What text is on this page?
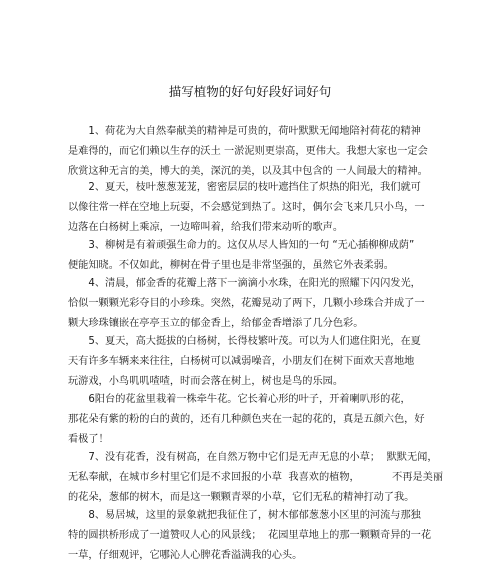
描写植物的好句好段好词好句
　　1、荷花为大自然奉献美的精神是可贵的，荷叶默默无闻地陪衬荷花的精神
是难得的，而它们赖以生存的沃土 一淤泥则更崇高，更伟大。我想大家也一定会
欣赏这种无言的美，博大的美，深沉的美，以及其中包含的 一人间最大的精神。
　　2、夏天，枝叶葱葱茏茏，密密层层的枝叶遮挡住了炽热的阳光，我们就可
以像往常一样在空地上玩耍，不会感觉到热了。这时，偶尔会飞来几只小鸟，一
边落在白杨树上乘凉，一边啼叫着，给我们带来动听的歌声。
　　3、柳树是有着顽强生命力的。这仅从尽人皆知的一句 “无心插柳柳成荫”
便能知晓。不仅如此，柳树在骨子里也是非常坚强的，虽然它外表柔弱。
　　4、清晨，郁金香的花瓣上落下一滴滴小水珠，在阳光的照耀下闪闪发光，
恰似一颗颗光彩夺目的小珍珠。突然，花瓣晃动了两下，几颗小珍珠合并成了一
颗大珍珠镶嵌在亭亭玉立的郁金香上，给郁金香增添了几分色彩。
　　5、夏天，高大挺拔的白杨树，长得枝繁叶茂。可以为人们遮住阳光，在夏
天有许多车辆来来往往，白杨树可以减弱噪音，小朋友们在树下面欢天喜地地
玩游戏，小鸟叽叽喳喳，时而会落在树上，树也是鸟的乐园。
　　6阳台的花盆里栽着一株牵牛花。它长着心形的叶子，开着喇叭形的花，
那花朵有紫的粉的白的黄的，还有几种颜色夹在一起的花的，真是五颜六色，好
看极了！
　　7、没有花香，没有树高，在自然万物中它们是无声无息的小草；  默默无闻，
无私奉献，在城市乡村里它们是不求回报的小草  我喜欢的植物，          不再是美丽
的花朵，葱郁的树木，而是这一颗颗青翠的小草，它们无私的精神打动了我。
　　8、易居城，这里的景象就把我征住了，树木郁郁葱葱小区里的河流与那独
特的圆拱桥形成了一道赞叹人心的风景线；  花园里草地上的那一颗颗奇异的一花
一草，仔细观评，它哪沁人心脾花香溢满我的心头。
